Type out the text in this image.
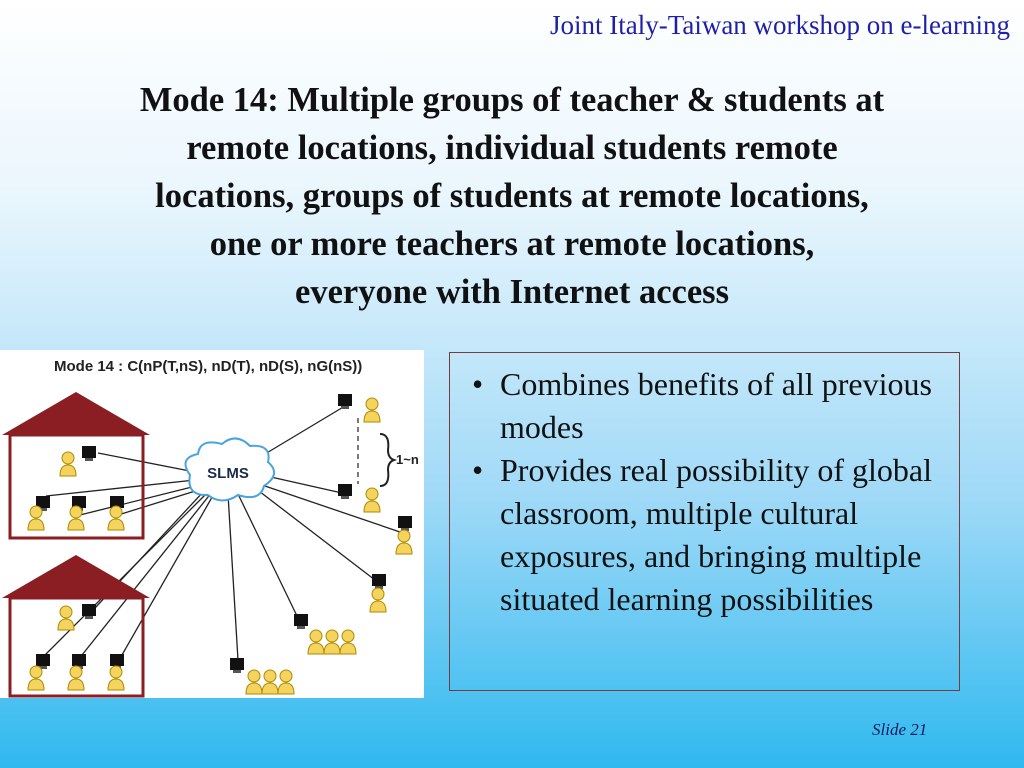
Joint Italy-Taiwan workshop on e-learning
Mode 14: Multiple groups of teacher & students at
remote locations, individual students remote
locations, groups of students at remote locations,
one or more teachers at remote locations,
everyone with Internet access
Mode 14 : C(nP(T,nS), nD(T), nD(S), nG(nS))
SLMS
1~n
• Combines benefits of all previous modes
• Provides real possibility of global classroom, multiple cultural exposures, and bringing multiple situated learning possibilities
Slide 21
